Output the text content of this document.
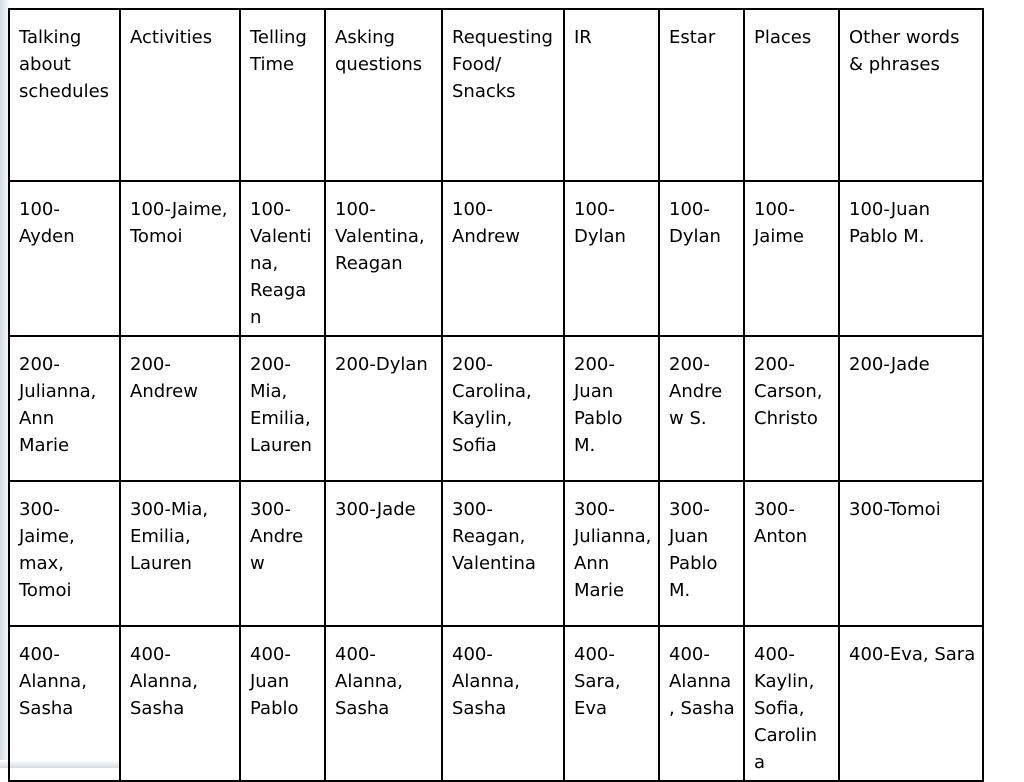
Talking
about
schedules	Activities	Telling
Time	Asking
questions	Requesting
Food/
Snacks	IR	Estar	Places	Other words
& phrases
100-
Ayden	100-Jaime,
Tomoi	100-
Valenti
na,
Reaga
n	100-
Valentina,
Reagan	100-
Andrew	100-
Dylan	100-
Dylan	100-
Jaime	100-Juan
Pablo M.
200-
Julianna,
Ann
Marie	200-
Andrew	200-
Mia,
Emilia,
Lauren	200-Dylan	200-
Carolina,
Kaylin,
Sofia	200-
Juan
Pablo
M.	200-
Andre
w S.	200-
Carson,
Christo	200-Jade
300-
Jaime,
max,
Tomoi	300-Mia,
Emilia,
Lauren	300-
Andre
w	300-Jade	300-
Reagan,
Valentina	300-
Julianna,
Ann
Marie	300-
Juan
Pablo
M.	300-
Anton	300-Tomoi
400-
Alanna,
Sasha	400-
Alanna,
Sasha	400-
Juan
Pablo	400-
Alanna,
Sasha	400-
Alanna,
Sasha	400-
Sara,
Eva	400-
Alanna
, Sasha	400-
Kaylin,
Sofia,
Carolin
a	400-Eva, Sara
